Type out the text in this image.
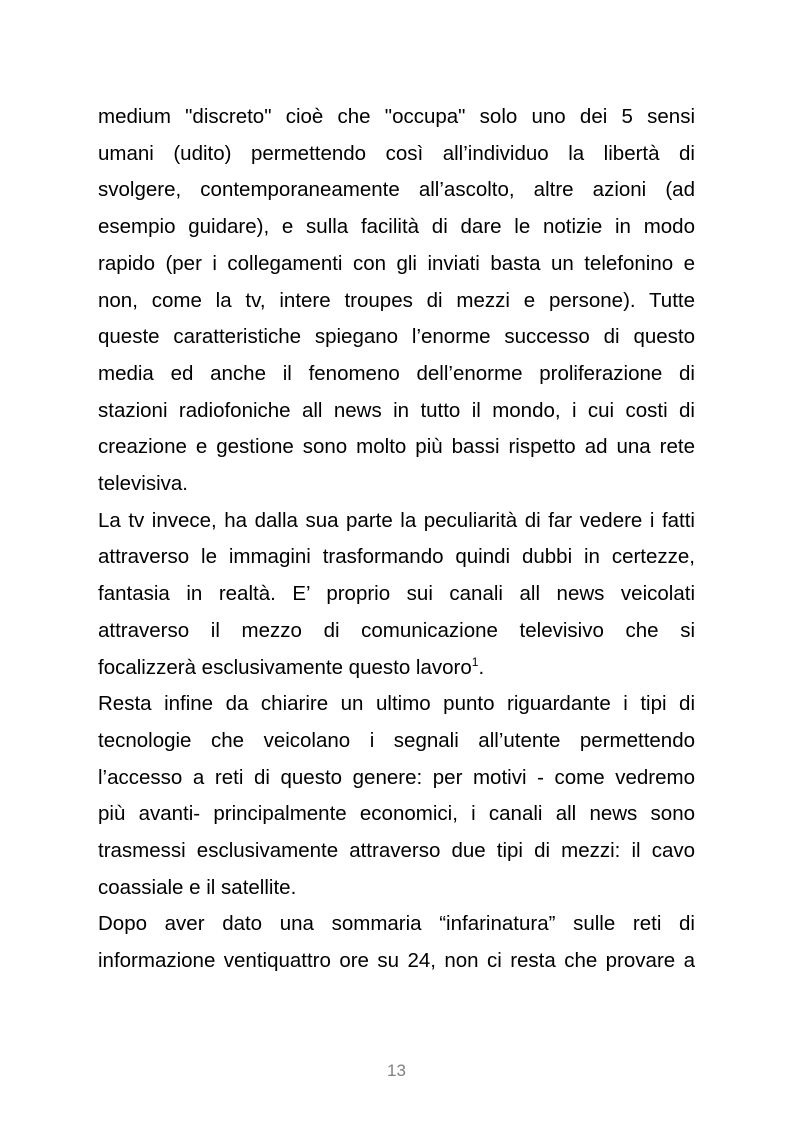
medium "discreto" cioè che "occupa" solo uno dei 5 sensi
umani (udito) permettendo così all’individuo la libertà di
svolgere, contemporaneamente all’ascolto, altre azioni (ad
esempio guidare), e sulla facilità di dare le notizie in modo
rapido (per i collegamenti con gli inviati basta un telefonino e
non, come la tv, intere troupes di mezzi e persone). Tutte
queste caratteristiche spiegano l’enorme successo di questo
media ed anche il fenomeno dell’enorme proliferazione di
stazioni radiofoniche all news in tutto il mondo, i cui costi di
creazione e gestione sono molto più bassi rispetto ad una rete
televisiva.

La tv invece, ha dalla sua parte la peculiarità di far vedere i fatti
attraverso le immagini trasformando quindi dubbi in certezze,
fantasia in realtà. E’ proprio sui canali all news veicolati
attraverso il mezzo di comunicazione televisivo che si
focalizzerà esclusivamente questo lavoro$^1$.

Resta infine da chiarire un ultimo punto riguardante i tipi di
tecnologie che veicolano i segnali all’utente permettendo
l’accesso a reti di questo genere: per motivi - come vedremo
più avanti- principalmente economici, i canali all news sono
trasmessi esclusivamente attraverso due tipi di mezzi: il cavo
coassiale e il satellite.

Dopo aver dato una sommaria “infarinatura” sulle reti di
informazione ventiquattro ore su 24, non ci resta che provare a

13
